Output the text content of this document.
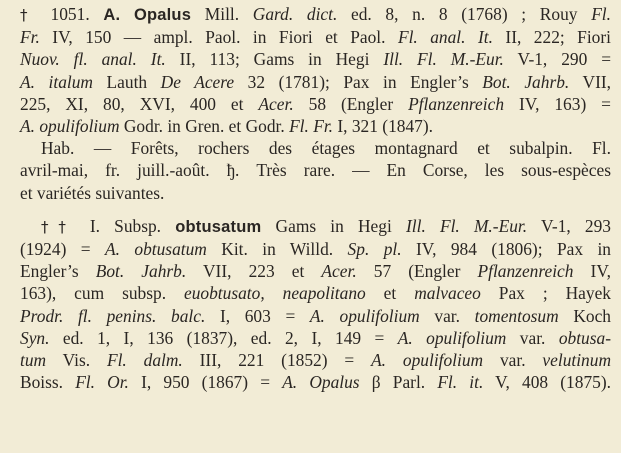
† 1051. A. Opalus Mill. Gard. dict. ed. 8, n. 8 (1768) ; Rouy Fl.
Fr. IV, 150 — ampl. Paol. in Fiori et Paol. Fl. anal. It. II, 222; Fiori
Nuov. fl. anal. It. II, 113; Gams in Hegi Ill. Fl. M.-Eur. V-1, 290 =
A. italum Lauth De Acere 32 (1781); Pax in Engler’s Bot. Jahrb. VII,
225, XI, 80, XVI, 400 et Acer. 58 (Engler Pflanzenreich IV, 163) =
A. opulifolium Godr. in Gren. et Godr. Fl. Fr. I, 321 (1847).
Hab. — Forêts, rochers des étages montagnard et subalpin. Fl.
avril-mai, fr. juill.-août. ђ. Très rare. — En Corse, les sous-espèces
et variétés suivantes.
†† I. Subsp. obtusatum Gams in Hegi Ill. Fl. M.-Eur. V-1, 293
(1924) = A. obtusatum Kit. in Willd. Sp. pl. IV, 984 (1806); Pax in
Engler’s Bot. Jahrb. VII, 223 et Acer. 57 (Engler Pflanzenreich IV,
163), cum subsp. euobtusato, neapolitano et malvaceo Pax ; Hayek
Prodr. fl. penins. balc. I, 603 = A. opulifolium var. tomentosum Koch
Syn. ed. 1, I, 136 (1837), ed. 2, I, 149 = A. opulifolium var. obtusa-
tum Vis. Fl. dalm. III, 221 (1852) = A. opulifolium var. velutinum
Boiss. Fl. Or. I, 950 (1867) = A. Opalus β Parl. Fl. it. V, 408 (1875).
